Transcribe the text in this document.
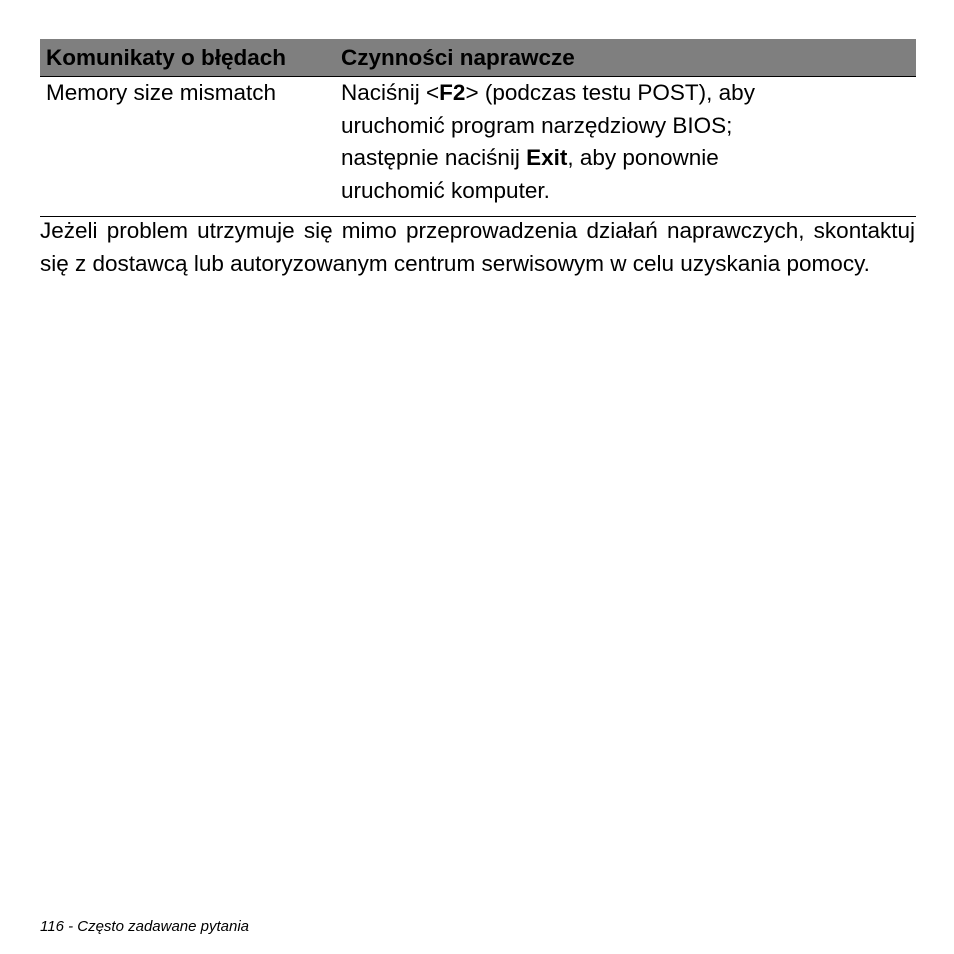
Komunikaty o błędach	Czynności naprawcze
Memory size mismatch	Naciśnij <F2> (podczas testu POST), aby
uruchomić program narzędziowy BIOS;
następnie naciśnij Exit, aby ponownie
uruchomić komputer.
Jeżeli problem utrzymuje się mimo przeprowadzenia działań naprawczych, skontaktuj się z dostawcą lub autoryzowanym centrum serwisowym w celu uzyskania pomocy.
116 - Często zadawane pytania
